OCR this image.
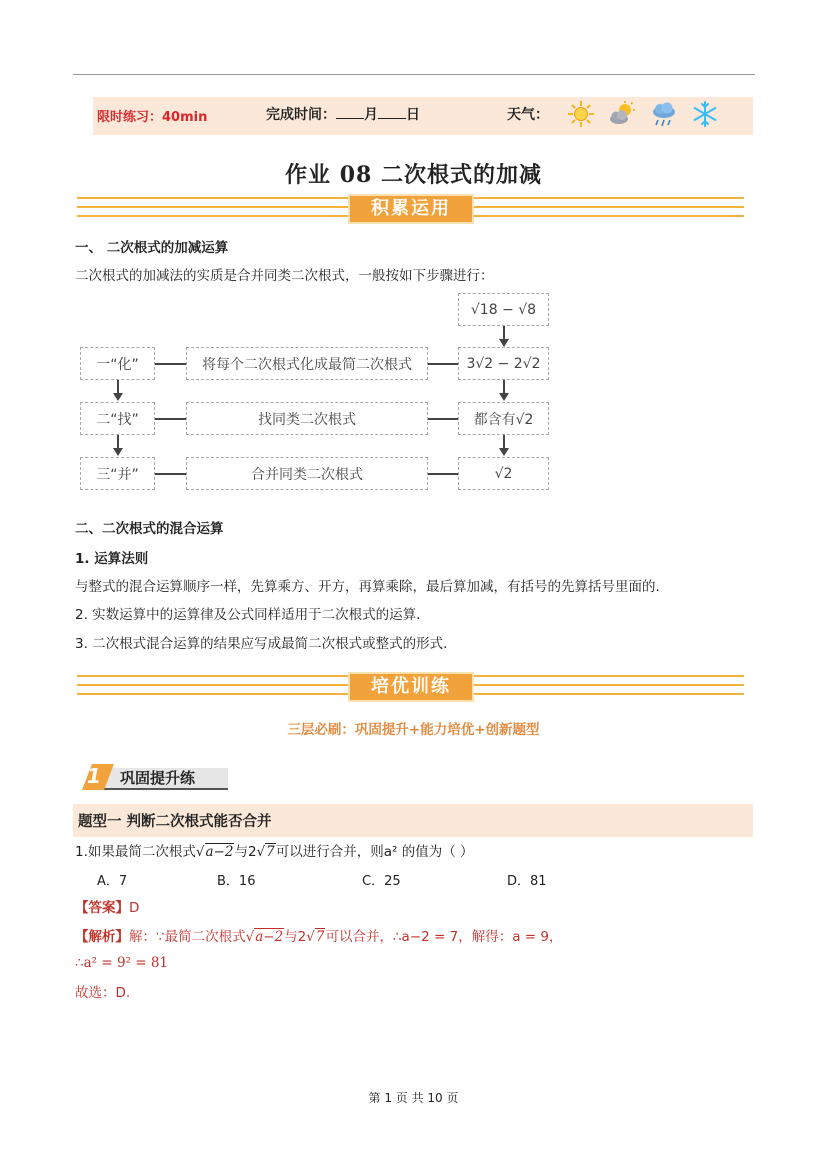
限时练习：40min	完成时间： 月 日	天气：
作业 08 二次根式的加减
积累运用
一、 二次根式的加减运算
二次根式的加减法的实质是合并同类二次根式，一般按如下步骤进行：
一“化”
二“找”
三“并”
将每个二次根式化成最简二次根式
找同类二次根式
合并同类二次根式
√18 − √8
3√2 − 2√2
都含有√2
√2
二、二次根式的混合运算
1. 运算法则
与整式的混合运算顺序一样，先算乘方、开方，再算乘除，最后算加减，有括号的先算括号里面的.
2. 实数运算中的运算律及公式同样适用于二次根式的运算.
3. 二次根式混合运算的结果应写成最简二次根式或整式的形式.
培优训练
三层必刷：巩固提升+能力培优+创新题型
1 巩固提升练
题型一 判断二次根式能否合并
1.如果最简二次根式√a−2与2√7可以进行合并，则a² 的值为（ ）
A．7	B．16	C．25	D．81
【答案】D
【解析】解：∵最简二次根式√a−2与2√7可以合并，∴a−2 = 7，解得：a = 9，
∴a² = 9² = 81
故选：D.
第 1 页 共 10 页
